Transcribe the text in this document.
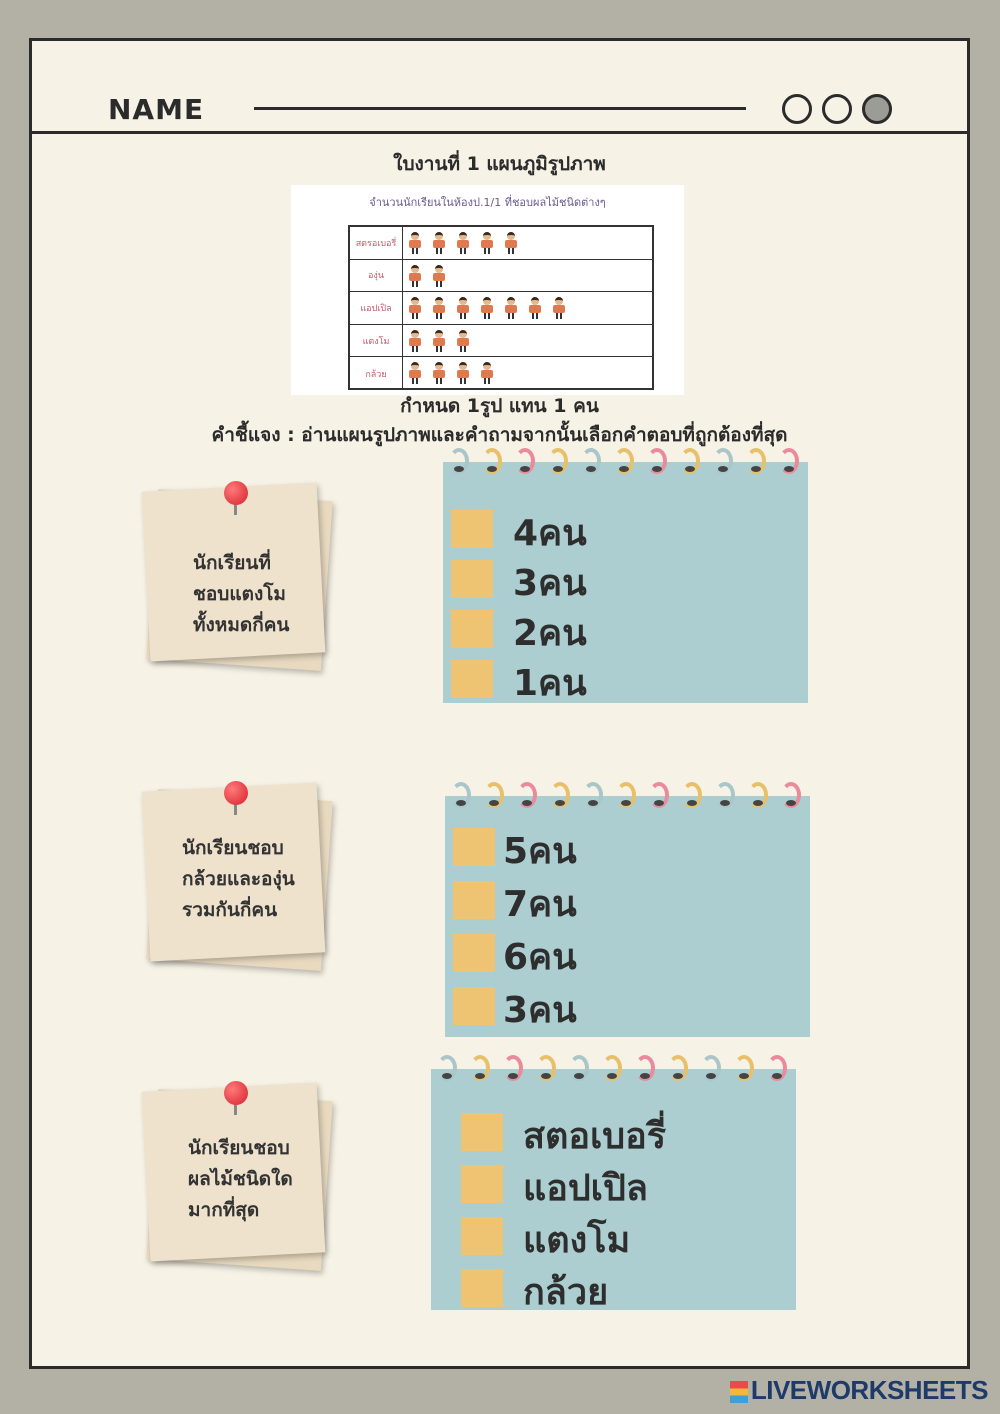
NAME
ใบงานที่ 1 แผนภูมิรูปภาพ
จำนวนนักเรียนในห้องป.1/1 ที่ชอบผลไม้ชนิดต่างๆ
สตรอเบอรี่
องุ่น
แอปเปิล
แตงโม
กล้วย
กำหนด 1รูป แทน 1 คน
คำชี้แจง : อ่านแผนรูปภาพและคำถามจากนั้นเลือกคำตอบที่ถูกต้องที่สุด
นักเรียนที่
ชอบแตงโม
ทั้งหมดกี่คน
4คน
3คน
2คน
1คน
นักเรียนชอบ
กล้วยและองุ่น
รวมกันกี่คน
5คน
7คน
6คน
3คน
นักเรียนชอบ
ผลไม้ชนิดใด
มากที่สุด
สตอเบอรี่
แอปเปิล
แตงโม
กล้วย
LIVEWORKSHEETS
